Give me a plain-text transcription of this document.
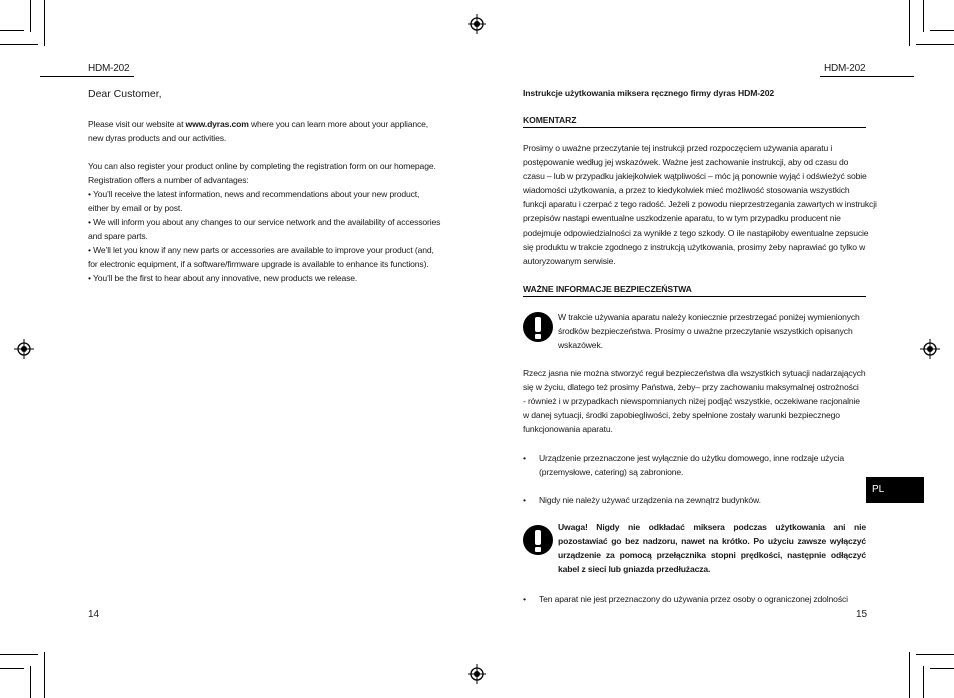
HDM-202
Dear Customer,
Please visit our website at www.dyras.com where you can learn more about your appliance,
new dyras products and our activities.
You can also register your product online by completing the registration form on our homepage.
Registration offers a number of advantages:
• You’ll receive the latest information, news and recommendations about your new product,
either by email or by post.
• We will inform you about any changes to our service network and the availability of accessories
and spare parts.
• We’ll let you know if any new parts or accessories are available to improve your product (and,
for electronic equipment, if a software/firmware upgrade is available to enhance its functions).
• You’ll be the first to hear about any innovative, new products we release.
14
HDM-202
Instrukcje użytkowania miksera ręcznego firmy dyras HDM-202
KOMENTARZ
Prosimy o uważne przeczytanie tej instrukcji przed rozpoczęciem używania aparatu i
postępowanie według jej wskazówek. Ważne jest zachowanie instrukcji, aby od czasu do
czasu – lub w przypadku jakiejkolwiek wątpliwości – móc ją ponownie wyjąć i odświeżyć sobie
wiadomości użytkowania, a przez to kiedykolwiek mieć możliwość stosowania wszystkich
funkcji aparatu i czerpać z tego radość. Jeżeli z powodu nieprzestrzegania zawartych w instrukcji
przepisów nastąpi ewentualne uszkodzenie aparatu, to w tym przypadku producent nie
podejmuje odpowiedzialności za wynikłe z tego szkody. O ile nastąpiłoby ewentualne zepsucie
się produktu w trakcie zgodnego z instrukcją użytkowania, prosimy żeby naprawiać go tylko w
autoryzowanym serwisie.
WAŻNE INFORMACJE BEZPIECZEŃSTWA
W trakcie używania aparatu należy koniecznie przestrzegać poniżej wymienionych
środków bezpieczeństwa. Prosimy o uważne przeczytanie wszystkich opisanych
wskazówek.
Rzecz jasna nie można stworzyć reguł bezpieczeństwa dla wszystkich sytuacji nadarzających
się w życiu, dlatego też prosimy Państwa, żeby– przy zachowaniu maksymalnej ostrożności
- również i w przypadkach niewspomnianych niżej podjąć wszystkie, oczekiwane racjonalnie
w danej sytuacji, środki zapobiegliwości, żeby spełnione zostały warunki bezpiecznego
funkcjonowania aparatu.
• Urządzenie przeznaczone jest wyłącznie do użytku domowego, inne rodzaje użycia
(przemysłowe, catering) są zabronione.
• Nigdy nie należy używać urządzenia na zewnątrz budynków.
Uwaga! Nigdy nie odkładać miksera podczas użytkowania ani nie pozostawiać go bez nadzoru, nawet na krótko. Po użyciu zawsze wyłączyć urządzenie za pomocą przełącznika stopni prędkości, następnie odłączyć kabel z sieci lub gniazda przedłużacza.
• Ten aparat nie jest przeznaczony do używania przez osoby o ograniczonej zdolności
PL
15
